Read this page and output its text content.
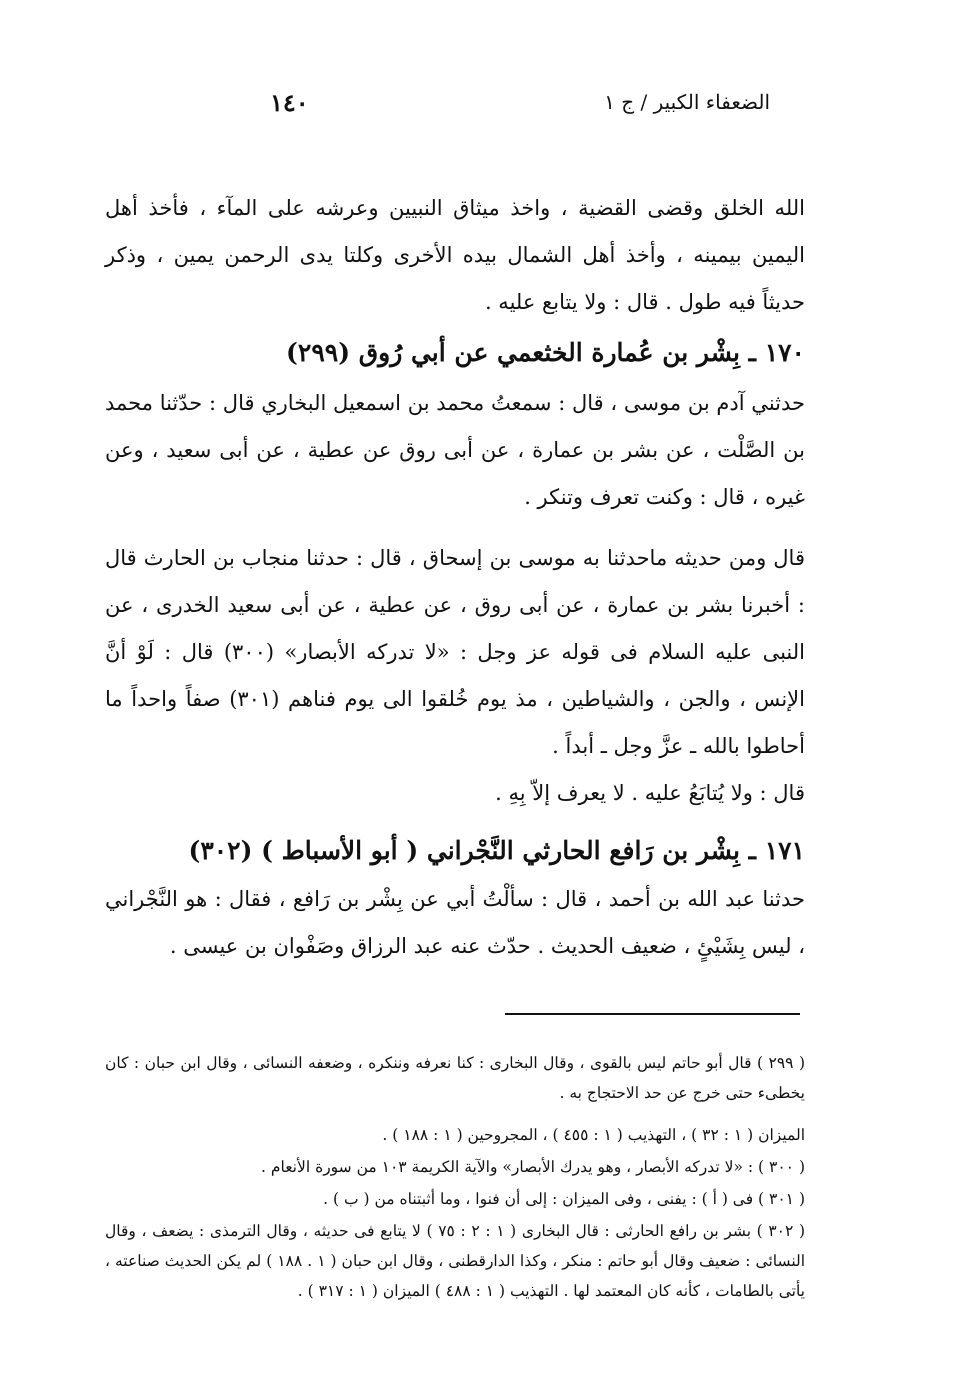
الضعفاء الكبير / ج ١
١٤٠

الله الخلق وقضى القضية ، واخذ ميثاق النبيين وعرشه على المآء ، فأخذ أهل اليمين بيمينه ، وأخذ أهل الشمال بيده الأخرى وكلتا يدى الرحمن يمين ، وذكر حديثاً فيه طول . قال : ولا يتابع عليه .

١٧٠ ـ بِشْر بن عُمارة الخثعمي عن أبي رُوق (٢٩٩)

حدثني آدم بن موسى ، قال : سمعتُ محمد بن اسمعيل البخاري قال : حدّثنا محمد بن الصَّلْت ، عن بشر بن عمارة ، عن أبى روق عن عطية ، عن أبى سعيد ، وعن غيره ، قال : وكنت تعرف وتنكر .

قال ومن حديثه ماحدثنا به موسى بن إسحاق ، قال : حدثنا منجاب بن الحارث قال : أخبرنا بشر بن عمارة ، عن أبى روق ، عن عطية ، عن أبى سعيد الخدرى ، عن النبى عليه السلام فى قوله عز وجل : «لا تدركه الأبصار» (٣٠٠) قال : لَوْ أنَّ الإنس ، والجن ، والشياطين ، مذ يوم خُلقوا الى يوم فناهم (٣٠١) صفاً واحداً ما أحاطوا بالله ـ عزَّ وجل ـ أبداً .

قال : ولا يُتابَعُ عليه . لا يعرف إلاّ بِهِ .

١٧١ ـ بِشْر بن رَافع الحارثي النَّجْراني ( أبو الأسباط ) (٣٠٢)

حدثنا عبد الله بن أحمد ، قال : سألْتُ أبي عن بِشْر بن رَافع ، فقال : هو النَّجْراني ، ليس بِشَيْئٍ ، ضعيف الحديث . حدّث عنه عبد الرزاق وصَفْوان بن عيسى .

( ٢٩٩ ) قال أبو حاتم ليس بالقوى ، وقال البخارى : كنا نعرفه وننكره ، وضعفه النسائى ، وقال ابن حبان : كان يخطىء حتى خرج عن حد الاحتجاج به .

الميزان ( ١ : ٣٢ ) ، التهذيب ( ١ : ٤٥٥ ) ، المجروحين ( ١ : ١٨٨ ) .

( ٣٠٠ ) : «لا تدركه الأبصار ، وهو يدرك الأبصار» والآية الكريمة ١٠٣ من سورة الأنعام .

( ٣٠١ ) فى ( أ ) : يفنى ، وفى الميزان : إلى أن فنوا ، وما أثبتناه من ( ب ) .

( ٣٠٢ ) بشر بن رافع الحارثى : قال البخارى ( ١ : ٢ : ٧٥ ) لا يتابع فى حديثه ، وقال الترمذى : يضعف ، وقال النسائى : ضعيف وقال أبو حاتم : منكر ، وكذا الدارقطنى ، وقال ابن حبان ( ١ . ١٨٨ ) لم يكن الحديث صناعته ، يأتى بالطامات ، كأنه كان المعتمد لها . التهذيب ( ١ : ٤٨٨ ) الميزان ( ١ : ٣١٧ ) .
